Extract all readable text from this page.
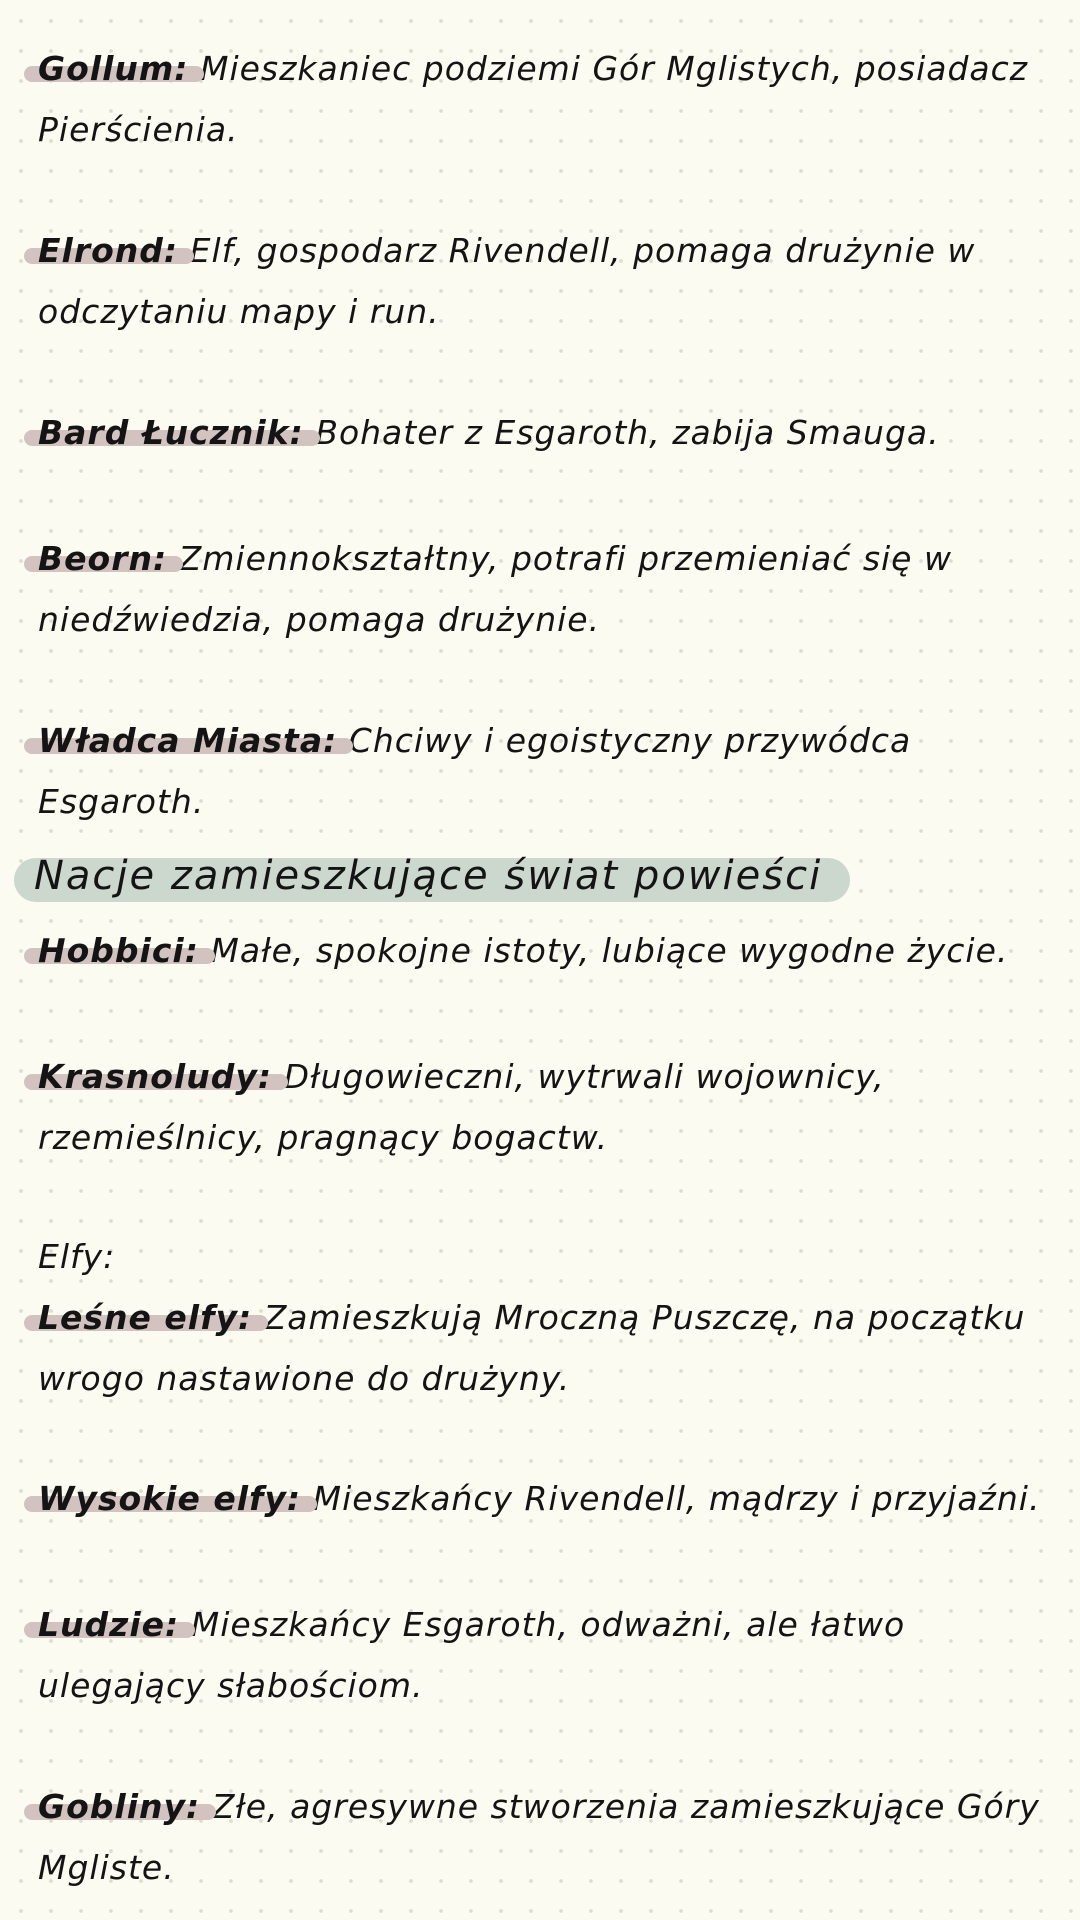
Gollum: Mieszkaniec podziemi Gór Mglistych, posiadacz Pierścienia.
Elrond: Elf, gospodarz Rivendell, pomaga drużynie w odczytaniu mapy i run.
Bard Łucznik: Bohater z Esgaroth, zabija Smauga.
Beorn: Zmiennokształtny, potrafi przemieniać się w niedźwiedzia, pomaga drużynie.
Władca Miasta: Chciwy i egoistyczny przywódca Esgaroth.
Nacje zamieszkujące świat powieści
Hobbici: Małe, spokojne istoty, lubiące wygodne życie.
Krasnoludy: Długowieczni, wytrwali wojownicy, rzemieślnicy, pragnący bogactw.
Elfy:
Leśne elfy: Zamieszkują Mroczną Puszczę, na początku wrogo nastawione do drużyny.
Wysokie elfy: Mieszkańcy Rivendell, mądrzy i przyjaźni.
Ludzie: Mieszkańcy Esgaroth, odważni, ale łatwo ulegający słabościom.
Gobliny: Złe, agresywne stworzenia zamieszkujące Góry Mgliste.
